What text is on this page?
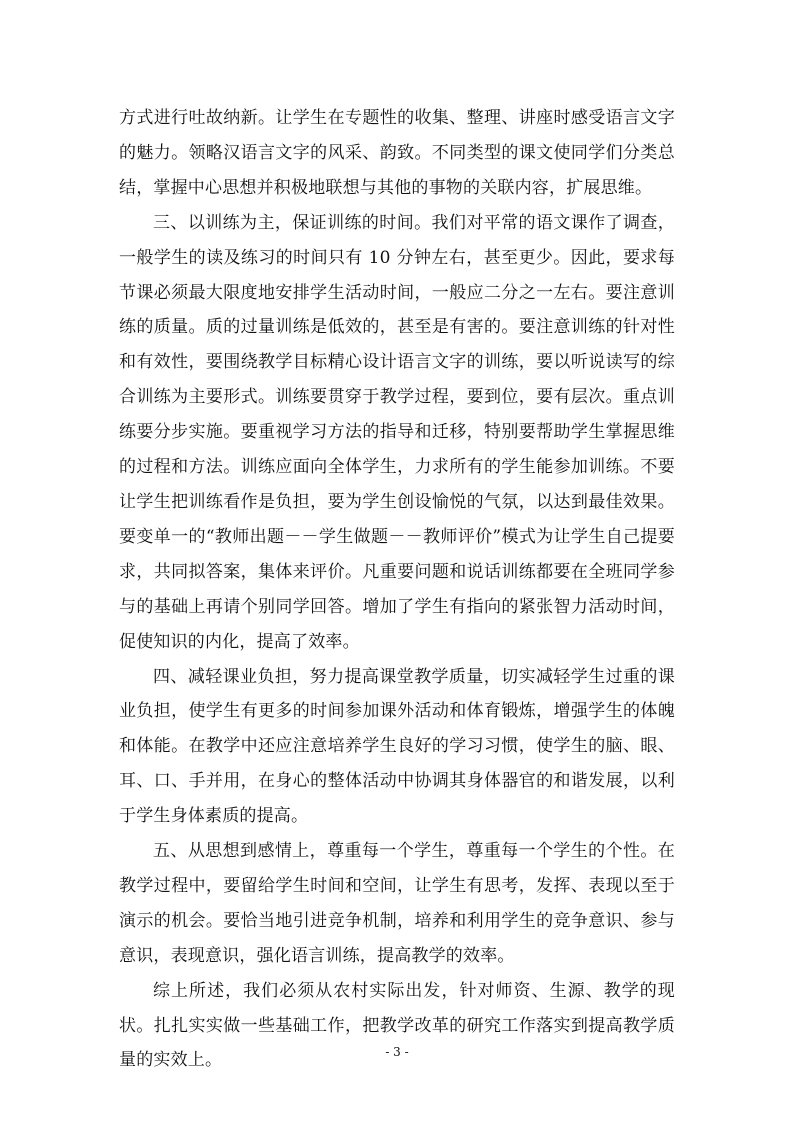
方式进行吐故纳新。让学生在专题性的收集、整理、讲座时感受语言文字的魅力。领略汉语言文字的风采、韵致。不同类型的课文使同学们分类总结，掌握中心思想并积极地联想与其他的事物的关联内容，扩展思维。

三、以训练为主，保证训练的时间。我们对平常的语文课作了调查，一般学生的读及练习的时间只有 10 分钟左右，甚至更少。因此，要求每节课必须最大限度地安排学生活动时间，一般应二分之一左右。要注意训练的质量。质的过量训练是低效的，甚至是有害的。要注意训练的针对性和有效性，要围绕教学目标精心设计语言文字的训练，要以听说读写的综合训练为主要形式。训练要贯穿于教学过程，要到位，要有层次。重点训练要分步实施。要重视学习方法的指导和迁移，特别要帮助学生掌握思维的过程和方法。训练应面向全体学生，力求所有的学生能参加训练。不要让学生把训练看作是负担，要为学生创设愉悦的气氛，以达到最佳效果。要变单一的“教师出题－－学生做题－－教师评价”模式为让学生自己提要求，共同拟答案，集体来评价。凡重要问题和说话训练都要在全班同学参与的基础上再请个别同学回答。增加了学生有指向的紧张智力活动时间，促使知识的内化，提高了效率。

四、减轻课业负担，努力提高课堂教学质量，切实减轻学生过重的课业负担，使学生有更多的时间参加课外活动和体育锻炼，增强学生的体魄和体能。在教学中还应注意培养学生良好的学习习惯，使学生的脑、眼、耳、口、手并用，在身心的整体活动中协调其身体器官的和谐发展，以利于学生身体素质的提高。

五、从思想到感情上，尊重每一个学生，尊重每一个学生的个性。在教学过程中，要留给学生时间和空间，让学生有思考，发挥、表现以至于演示的机会。要恰当地引进竞争机制，培养和利用学生的竞争意识、参与意识，表现意识，强化语言训练，提高教学的效率。

综上所述，我们必须从农村实际出发，针对师资、生源、教学的现状。扎扎实实做一些基础工作，把教学改革的研究工作落实到提高教学质量的实效上。	- 3 -
